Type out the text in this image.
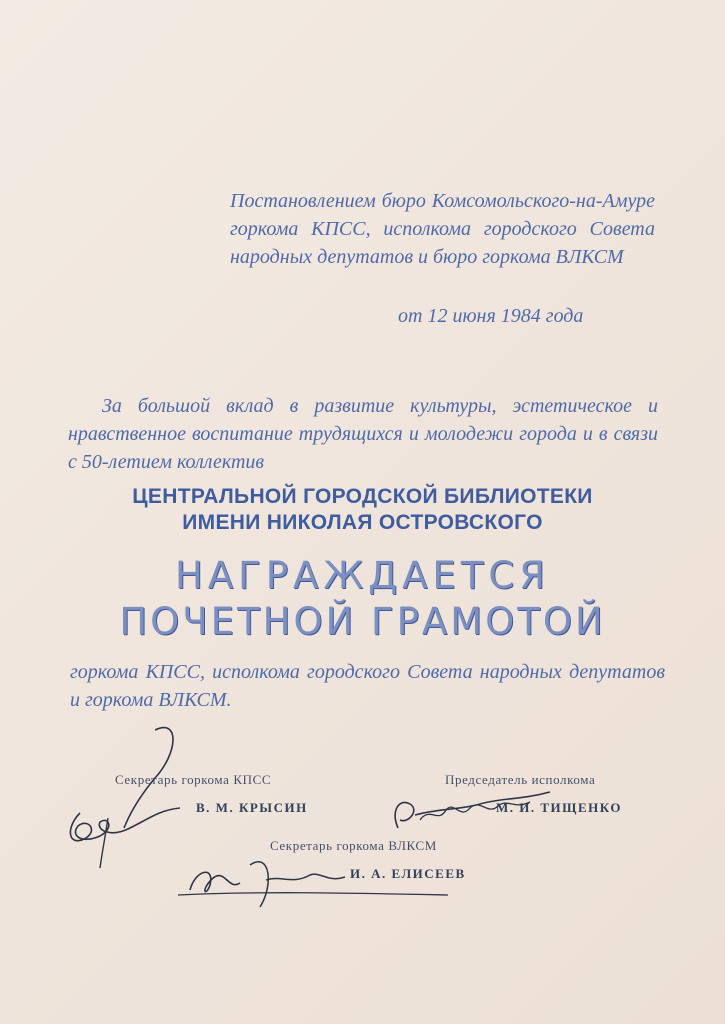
Постановлением бюро Комсомольского-на-Амуре горкома КПСС, исполкома городского Совета народных депутатов и бюро горкома ВЛКСМ
от 12 июня 1984 года
За большой вклад в развитие культуры, эстетическое и нравственное воспитание трудящихся и молодежи города и в связи с 50-летием коллектив
ЦЕНТРАЛЬНОЙ ГОРОДСКОЙ БИБЛИОТЕКИ
ИМЕНИ НИКОЛАЯ ОСТРОВСКОГО
НАГРАЖДАЕТСЯ
ПОЧЕТНОЙ ГРАМОТОЙ
горкома КПСС, исполкома городского Совета народных депутатов и горкома ВЛКСМ.
Секретарь горкома КПСС
В. М. КРЫСИН
Председатель исполкома
М. И. ТИЩЕНКО
Секретарь горкома ВЛКСМ
И. А. ЕЛИСЕЕВ
